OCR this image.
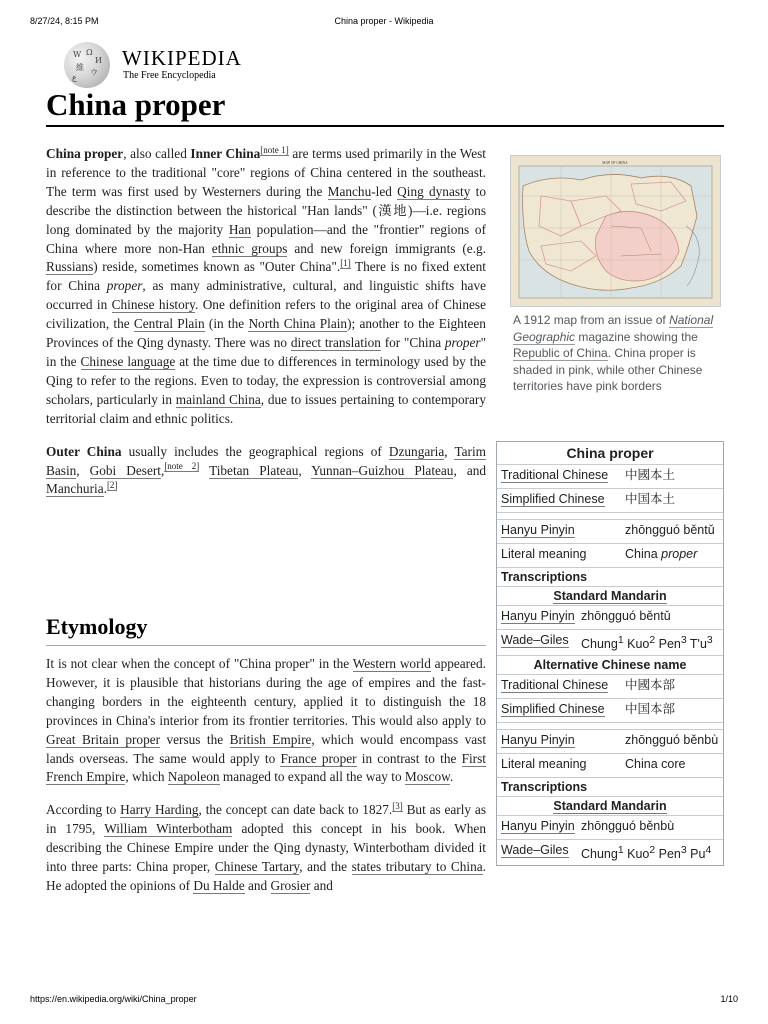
8/27/24, 8:15 PM	China proper - Wikipedia
W Ω
И
維
ウ
ع
WIKIPEDIA
The Free Encyclopedia
China proper

China proper, also called Inner China[note 1] are terms used primarily in the West in reference to the traditional "core" regions of China centered in the southeast. The term was first used by Westerners during the Manchu-led Qing dynasty to describe the distinction between the historical "Han lands" (漢地)—i.e. regions long dominated by the majority Han population—and the "frontier" regions of China where more non-Han ethnic groups and new foreign immigrants (e.g. Russians) reside, sometimes known as "Outer China".[1] There is no fixed extent for China proper, as many administrative, cultural, and linguistic shifts have occurred in Chinese history. One definition refers to the original area of Chinese civilization, the Central Plain (in the North China Plain); another to the Eighteen Provinces of the Qing dynasty. There was no direct translation for "China proper" in the Chinese language at the time due to differences in terminology used by the Qing to refer to the regions. Even to today, the expression is controversial among scholars, particularly in mainland China, due to issues pertaining to contemporary territorial claim and ethnic politics.

Outer China usually includes the geographical regions of Dzungaria, Tarim Basin, Gobi Desert,[note 2] Tibetan Plateau, Yunnan–Guizhou Plateau, and Manchuria.[2]

Etymology

It is not clear when the concept of "China proper" in the Western world appeared. However, it is plausible that historians during the age of empires and the fast-changing borders in the eighteenth century, applied it to distinguish the 18 provinces in China's interior from its frontier territories. This would also apply to Great Britain proper versus the British Empire, which would encompass vast lands overseas. The same would apply to France proper in contrast to the First French Empire, which Napoleon managed to expand all the way to Moscow.

According to Harry Harding, the concept can date back to 1827.[3] But as early as in 1795, William Winterbotham adopted this concept in his book. When describing the Chinese Empire under the Qing dynasty, Winterbotham divided it into three parts: China proper, Chinese Tartary, and the states tributary to China. He adopted the opinions of Du Halde and Grosier and

MAP OF CHINA
A 1912 map from an issue of National Geographic magazine showing the Republic of China. China proper is shaded in pink, while other Chinese territories have pink borders
China proper
Traditional Chinese	中國本土
Simplified Chinese	中国本土
Hanyu Pinyin	zhōngguó běntǔ
Literal meaning	China proper
Transcriptions
Standard Mandarin
Hanyu Pinyin zhōngguó běntǔ
Wade–Giles Chung$^1$ Kuo$^2$ Pen$^3$ $T'u^3$
Alternative Chinese name
Traditional Chinese	中國本部
Simplified Chinese	中国本部
Hanyu Pinyin	zhōngguó běnbù
Literal meaning	China core
Transcriptions
Standard Mandarin
Hanyu Pinyin zhōngguó běnbù
Wade–Giles Chung$^1$ Kuo$^2$ Pen$^3$ Pu$^4$
https://en.wikipedia.org/wiki/China_proper	1/10
